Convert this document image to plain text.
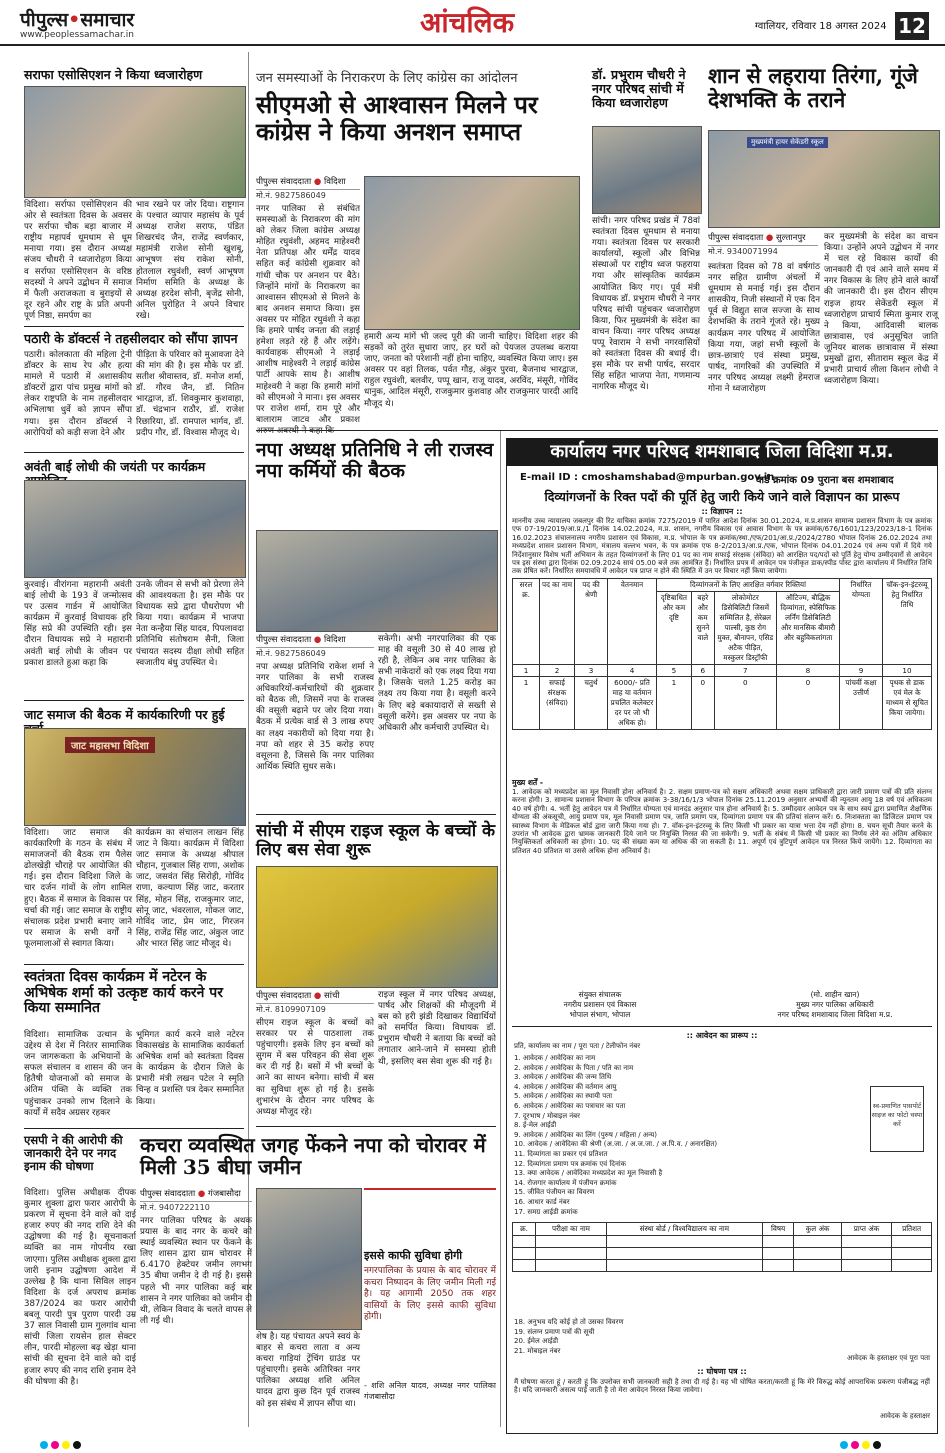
पीपुल्स•समाचार
www.peoplessamachar.in	आंचलिक	ग्वालियर, रविवार 18 अगस्त 2024 12
सराफा एसोसिएशन ने किया ध्वजारोहण
विदिशा। सर्राफा एसोसिएशन की ओर से स्वतंत्रता दिवस के अवसर पर सर्राफा चौक बड़ा बाजार में राष्ट्रीय महापर्व धूमधाम से धूम मनाया गया। इस दौरान अध्यक्ष संजय चौधरी ने ध्वजारोहण किया व सर्राफा एसोसिएशन के वरिष्ठ सदस्यों ने अपने उद्बोधन में समाज में फैली अराजकता व बुराइयों से दूर रहने और राष्ट्र के प्रति अपनी पूर्ण निष्ठा, समर्पण का
भाव रखने पर जोर दिया। राष्ट्रगान के पश्चात व्यापार महासंघ के पूर्व अध्यक्ष राजेश सराफ, पंडित शिखरचंद जैन, राजेंद्र स्वर्णकार, महामंत्री राजेश सोनी खुशबू, आभूषण संघ राकेश सोनी, होतलाल रघुवंशी, स्वर्ण आभूषण निर्माण समिति के अध्यक्ष के अध्यक्ष हरदेश सोनी, बृजेंद्र सोनी, अनिल पुरोहित ने अपने विचार रखे।
पठारी के डॉक्टर्स ने तहसीलदार को सौंपा ज्ञापन
पठारी। कोलकाता की महिला ट्रेनी डॉक्टर के साथ रेप और हत्या मामले में पठारी में अशासकीय डॉक्टरों द्वारा पांच प्रमुख मांगों को लेकर राष्ट्रपति के नाम तहसीलदार अभिलाषा धुर्वे को ज्ञापन सौंपा गया। इस दौरान डॉक्टर्स ने आरोपियों को कड़ी सजा देने और
पीड़िता के परिवार को मुआवजा देने की मांग की है। इस मौके पर डॉ. सतीश श्रीवास्तव, डॉ. मनोज शर्मा, डॉ. गौरव जैन, डॉ. नितिन भारद्वाज, डॉ. शिवकुमार कुशवाहा, डॉ. चंद्रभान राठौर, डॉ. राजेश रिछारिया, डॉ. रामपाल भार्गव, डॉ. प्रदीप गौर, डॉ. विश्वास मौजूद थे।
अवंती बाई लोधी की जयंती पर कार्यक्रम
कुरवाई। वीरांगना महारानी अवंती बाई लोधी के 193 वें जन्मोत्सव पर उत्सव गार्डन में आयोजित कार्यक्रम में कुरवाई विधायक हरि सिंह सप्रे की उपस्थिति रही। इस दौरान विधायक सप्रे ने महारानी अवंती बाई लोधी के जीवन पर प्रकाश डालते हुआ कहा कि
उनके जीवन से सभी को प्रेरणा लेने की आवश्यकता है। इस मौके पर विधायक सप्रे द्वारा पौधरोपण भी किया गया। कार्यक्रम में भाजपा नेता कन्हैया सिंह यादव, पिपलावदा प्रतिनिधि संतोषराम सैनी, जिला पंचायत सदस्य दीक्षा लोधी सहित स्वजातीय बंधु उपस्थित थे।
जाट समाज की बैठक में कार्यकारिणी पर हुई
जाट महासभा विदिशा
विदिशा। जाट समाज की कार्यकारिणी के गठन के संबंध में समाजजनों की बैठक राम पैलेस ढोलखेड़ी चौराहे पर आयोजित की गई। इस दौरान विदिशा जिले के चार दर्जन गांवों के लोग शामिल हुए। बैठक में समाज के विकास पर चर्चा की गई। जाट समाज के राष्ट्रीय संचालक प्रदेश प्रभारी बनाए जाने पर समाज के सभी वर्गों ने फूलमालाओं से स्वागत किया।
कार्यक्रम का संचालन लाखन सिंह जाट ने किया। कार्यक्रम में विदिशा जाट समाज के अध्यक्ष श्रीपाल चौहान, गुजबाल सिंह राणा, अशोक जाट, जसवंत सिंह सिरोही, गोविंद राणा, कल्याण सिंह जाट, करतार सिंह, मोहन सिंह, राजकुमार जाट, सोनू जाट, भंवरलाल, गोकल जाट, गोविंद जाट, प्रेम जाट, गिरजन सिंह, राजेंद्र सिंह जाट, अंकुल जाट और भारत सिंह जाट मौजूद थे।
स्वतंत्रता दिवस कार्यक्रम में नटेरन के अभिषेक शर्मा को उत्कृष्ट कार्य करने पर किया सम्मानित
विदिशा। सामाजिक उत्थान के उद्देश्य से देश में निरंतर सामाजिक जन जागरूकता के अभियानों के सफल संचालन व शासन की जन हितैषी योजनाओं को समाज के अंतिम पंक्ति के व्यक्ति तक पहुंचाकर उनको लाभ दिलाने के कार्यों में सदैव अग्रसर रहकर
भूमिगत कार्य करने वाले नटेरन विकासखंड के सामाजिक कार्यकर्ता अभिषेक शर्मा को स्वतंत्रता दिवस के कार्यक्रम के दौरान जिले के प्रभारी मंत्री लखन पटेल ने स्मृति चिन्ह व प्रशस्ति पत्र देकर सम्मानित किया।
एसपी ने की आरोपी की जानकारी देने पर नगद इनाम की घोषणा
विदिशा। पुलिस अधीक्षक दीपक कुमार शुक्ला द्वारा फरार आरोपी के प्रकरण में सूचना देने वाले को दाई हजार रुपए की नगद राशि देने की उद्घोषणा की गई है। सूचनाकर्ता व्यक्ति का नाम गोपनीय रखा जाएगा। पुलिस अधीक्षक शुक्ला द्वारा जारी इनाम उद्घोषणा आदेश में उल्लेख है कि थाना सिविल लाइन विदिशा के दर्ज अपराध क्रमांक 387/2024 का फरार आरोपी बबलू पारदी पुत्र पुराण पारदी उम्र 37 साल निवासी ग्राम गुलगांव थाना सांची जिला रायसेन हाल सेक्टर लीन, पारदी मोहल्ला बढ़ खेड़ा थाना सांची की सूचना देने वाले को दाई हजार रुपए की नगद राशि इनाम देने की घोषणा की है।
जन समस्याओं के निराकरण के लिए कांग्रेस का आंदोलन
सीएमओ से आश्वासन मिलने पर कांग्रेस ने किया अनशन समाप्त
पीपुल्स संवाददाता ● विदिशा
मो.नं. 9827586049
नगर पालिका से संबंधित समस्याओं के निराकरण की मांग को लेकर जिला कांग्रेस अध्यक्ष मोहित रघुवंशी, अहमद माहेश्वरी नेता प्रतिपक्ष और धर्मेंद्र यादव सहित कई कांग्रेसी शुक्रवार को गांधी चौक पर अनशन पर बैठे। जिन्होंने मांगों के निराकरण का आश्वासन सीएमओ से मिलने के बाद अनशन समाप्त किया। इस अवसर पर मोहित रघुवंशी ने कहा कि हमारे पार्षद जनता की लड़ाई हमेशा लड़ते रहे हैं और लड़ेंगे। कार्यवाहक सीएमओ ने लड़ाई आशीष माहेश्वरी ने लड़ाई कांग्रेस पार्टी आपके साथ है। आशीष माहेश्वरी ने कहा कि हमारी मांगों को सीएमओ ने माना। इस अवसर पर राजेश शर्मा, राम पूरे और बालाराम जाटव और प्रकाश
हमारी अन्य मांगें भी जल्द पूरी की जानी चाहिए। विदिशा शहर की सड़कों को तुरंत सुधारा जाए, हर घरों को पेयजल उपलब्ध कराया जाए, जनता को परेशानी नहीं होना चाहिए, व्यवस्थित किया जाए। इस अवसर पर वहां तिलक, पर्वत गौड़, अंकुर पुरवा, बैजनाथ भारद्वाज, राहुल रघुवंशी, बलवीर, पप्पू खान, राजू यादव, अरविंद, मंसूरी, गोविंद धानुक, आदिल मंसूरी, राजकुमार कुशवाह और राजकुमार पारदी आदि मौजूद थे।
डॉ. प्रभुराम चौधरी ने नगर परिषद सांची में किया ध्वजारोहण
सांची। नगर परिषद प्रखंड में 78वां स्वतंत्रता दिवस धूमधाम से मनाया गया। स्वतंत्रता दिवस पर सरकारी कार्यालयों, स्कूलों और विभिन्न संस्थाओं पर राष्ट्रीय ध्वज फहराया गया और सांस्कृतिक कार्यक्रम आयोजित किए गए। पूर्व मंत्री विधायक डॉ. प्रभुराम चौधरी ने नगर परिषद सांची पहुंचकर ध्वजारोहण किया, फिर मुख्यमंत्री के संदेश का वाचन किया। नगर परिषद अध्यक्ष पप्पू रेवाराम ने सभी नगरवासियों को स्वतंत्रता दिवस की बधाई दी। इस मौके पर सभी पार्षद, सरदार सिंह सहित भाजपा नेता, गणमान्य नागरिक मौजूद थे।
शान से लहराया तिरंगा, गूंजे देशभक्ति के तराने
मुख्यमंत्री हायर सेकेंडरी स्कूल
पीपुल्स संवाददाता ● सुल्तानपुर
मो.नं. 9340071994
स्वतंत्रता दिवस को 78 वां वर्षगांठ नगर सहित ग्रामीण अंचलों में धूमधाम से मनाई गई। इस दौरान शासकीय, निजी संस्थानों में एक दिन पूर्व से विद्युत साज सज्जा के साथ देशभक्ति के तराने गूंजते रहे। मुख्य कार्यक्रम नगर परिषद में आयोजित किया गया, जहां सभी स्कूलों के छात्र-छात्राएं एवं संस्था प्रमुख, पार्षद, नागरिकों की उपस्थिति में नगर परिषद अध्यक्ष लक्ष्मी हेमराज गोना ने ध्वजारोहण
कर मुख्यमंत्री के संदेश का वाचन किया। उन्होंने अपने उद्बोधन में नगर में चल रहे विकास कार्यों की जानकारी दी एवं आने वाले समय में नगर विकास के लिए होने वाले कार्यों की जानकारी दी। इस दौरान सीएम राइज हायर सेकेंडरी स्कूल में ध्वजारोहण प्राचार्य स्मिता कुमार राजू ने किया, आदिवासी बालक छात्रावास, एवं अनुसूचित जाति जूनियर बालक छात्रावास में संस्था प्रमुखों द्वारा, सीताराम स्कूल केंद्र में प्रभारी प्राचार्य लीला किशन लोधी ने ध्वजारोहण किया।
नपा अध्यक्ष प्रतिनिधि ने ली राजस्व नपा कर्मियों की बैठक
पीपुल्स संवाददाता ● विदिशा
मो.नं. 9827586049
नपा अध्यक्ष प्रतिनिधि राकेश शर्मा ने नगर पालिका के सभी राजस्व अधिकारियों-कर्मचारियों की शुक्रवार को बैठक ली, जिसमें नपा के राजस्व की वसूली बढ़ाने पर जोर दिया गया। बैठक में प्रत्येक वार्ड से 3 लाख रुपए का लक्ष्य नकारीयों को दिया गया है। नपा को शहर से 35 करोड़ रुपए वसूलना है, जिससे कि नगर पालिका आर्थिक स्थिति सुधर सके।
सकेगी। अभी नगरपालिका की एक माह की वसूली 30 से 40 लाख हो रही है, लेकिन अब नगर पालिका के सभी नाकेदारों को एक लक्ष्य दिया गया है। जिसके चलते 1.25 करोड़ का लक्ष्य तय किया गया है। वसूली करने के लिए बड़े बकायादारों से सख्ती से वसूली करेंगे। इस अवसर पर नपा के अधिकारी और कर्मचारी उपस्थित थे।
सांची में सीएम राइज स्कूल के बच्चों के लिए बस सेवा शुरू
पीपुल्स संवाददाता ● सांची
मो.नं. 8109907109
सीएम राइज स्कूल के बच्चों को सरकार पर से पाठशाला तक पहुंचाएगी। इसके लिए इन बच्चों को सुगम में बस परिवहन की सेवा शुरू कर दी गई है। बसों में भी बच्चों के आने का साधन बनेगा। सांची में बस का सुविधा शुरू हो गई है। इसके शुभारंभ के दौरान नगर परिषद के अध्यक्ष मौजूद रहे।
राइज स्कूल में नगर परिषद अध्यक्ष, पार्षद और शिक्षकों की मौजूदगी में बस को हरी झंडी दिखाकर विद्यार्थियों को समर्पित किया। विधायक डॉ. प्रभुराम चौधरी ने बताया कि बच्चों को लगातार आने-जाने में समस्या होती थी, इसलिए बस सेवा शुरू की गई है।
कचरा व्यवस्थित जगह फेंकने नपा को चोरावर में मिली 35 बीघा जमीन
पीपुल्स संवाददाता ● गंजबासौदा
मो.नं. 9407222110
नगर पालिका परिषद के अथक प्रयास के बाद नगर के कचरे को स्थाई व्यवस्थित स्थान पर फेंकने के लिए शासन द्वारा ग्राम चोरावर में 6.4170 हेक्टेयर जमीन लगभग 35 बीघा जमीन दे दी गई है। इससे पहले भी नगर पालिका कई बार शासन ने नगर पालिका को जमीन दी थी, लेकिन विवाद के चलते वापस ले ली गई थी।
शेष है। यह पंचायत अपने स्वयं के बाहर से कचरा लाता व अन्य कचरा गाड़ियां ट्रेंचिंग ग्राउंड पर पहुंचाएगी। इसके अतिरिक्त नगर पालिका अध्यक्ष शशि अनिल यादव द्वारा कुछ दिन पूर्व राजस्व को इस संबंध में ज्ञापन सौंपा था।
इससे काफी सुविधा होगी
नगरपालिका के प्रयास के बाद चोरावर में कचरा निष्पादन के लिए जमीन मिली गई है। यह आगामी 2050 तक शहर वासियों के लिए इससे काफी सुविधा होगी।
- शशि अनिल यादव, अध्यक्ष नगर पालिका गंजबासौदा
कार्यालय नगर परिषद शमशाबाद जिला विदिशा म.प्र.
E-mail ID : cmoshamshabad@mpurban.gov.in
वार्ड क्रमांक 09 पुराना बस शमशाबाद
दिव्यांगजनों के रिक्त पदों की पूर्ति हेतु जारी किये जाने वाले विज्ञापन का प्रारूप
:: विज्ञापन ::
माननीय उच्च न्यायालय जबलपुर की रिट याचिका क्रमांक 7275/2019 में पारित आदेश दिनांक 30.01.2024, म.प्र.शासन सामान्य प्रशासन विभाग के पत्र क्रमांक एफ 07-19/2019/आ.प्र./1 दिनांक 14.02.2024, म.प्र. शासन, नगरीय विकास एवं आवास विभाग के पत्र क्रमांक/676/1601/123/2023/18-1 दिनांक 16.02.2023 संचालनालय नगरीय प्रशासन एवं विकास, म.प्र. भोपाल के पत्र क्रमांक/स्था./एफ/201/आ.प्र./2024/2780 भोपाल दिनांक 26.02.2024 तथा मध्यप्रदेश शासन प्रशासन विभाग, मंत्रालय वल्लभ भवन, के पत्र क्रमांक एफ 8-2/2013/आ.प्र./एक, भोपाल दिनांक 04.01.2024 एवं अन्य पत्रों में दिये गये निर्देशानुसार विशेष भर्ती अभियान के तहत दिव्यांगजनों के लिए 01 पद का नाम सफाई संरक्षक (संविदा) को आरक्षित पद/पदों को पूर्ति हेतु योग्य उम्मीदवारों से आवेदन पत्र इस संस्था द्वारा दिनांक 02.09.2024 सायं 05.00 बजे तक आमंत्रित हैं। निर्धारित प्रपत्र में आवेदन पत्र पंजीकृत डाक/स्पीड पोस्ट द्वारा कार्यालय में निर्धारित तिथि तक प्रेषित करें। निर्धारित समयावधि में आवेदन पत्र प्राप्त न होने की स्थिति में उन पर विचार नहीं किया जायेगा।
सरल क्र.	पद का नाम	पद की श्रेणी	वेतनमान	दिव्यांगजनों के लिए आरक्षित वर्गवार रिक्तियां				निर्धारित योग्यता	चॉक-इन-इंटरव्यू हेतु निर्धारित तिथि
				दृष्टिबाधित और कम दृष्टि	बहरे और कम सुनने वाले	लोकोमोटर डिसेबिलिटी जिसमें सम्मिलित है, सेरेब्रल पाल्सी, कुष्ठ रोग मुक्त, बौनापन, एसिड अटैक पीड़ित, मस्कुलर डिस्ट्रॉफी	ऑटिज्म, बौद्धिक दिव्यांगता, स्पेसिफिक लर्निंग डिसेबिलिटी और मानसिक बीमारी और बहुविकलांगता		
1	2	3	4	5	6	7	8	9	10
1	सफाई संरक्षक (संविदा)	चतुर्थ	6000/- प्रति माह या वर्तमान प्रचलित कलेक्टर दर पर जो भी अधिक हो।	1	0	0	0	पांचवीं कक्षा उत्तीर्ण	पृथक से डाक एवं मेल के माध्यम से सूचित किया जायेगा।
मुख्य शर्तें -
1. आवेदक को मध्यप्रदेश का मूल निवासी होना अनिवार्य है। 2. सक्षम प्रमाण-पत्र को सक्षम अधिकारी अथवा सक्षम प्राधिकारी द्वारा जारी प्रमाण पत्रों की प्रति संलग्न करना होगी। 3. सामान्य प्रशासन विभाग के परिपत्र क्रमांक 3-38/16/1/3 भोपाल दिनांक 25.11.2019 अनुसार अभ्यर्थी की न्यूनतम आयु 18 वर्ष एवं अधिकतम 40 वर्ष होगी। 4. भर्ती हेतु आवेदन पत्र में निर्धारित योग्यता एवं मानदंड अनुसार पात्र होना अनिवार्य है। 5. उम्मीदवार आवेदन पत्र के साथ स्वयं द्वारा प्रमाणित शैक्षणिक योग्यता की अंकसूची, आयु प्रमाण पत्र, मूल निवासी प्रमाण पत्र, जाति प्रमाण पत्र, दिव्यांगता प्रमाण पत्र की प्रतियां संलग्न करें। 6. निःशक्तता का डिजिटल प्रमाण पत्र स्वास्थ्य विभाग के मेडिकल बोर्ड द्वारा जारी किया गया हो। 7. वॉक-इन-इंटरव्यू के लिए किसी भी प्रकार का यात्रा भत्ता देय नहीं होगा। 8. चयन सूची तैयार करने के उपरांत भी आवेदक द्वारा भ्रामक जानकारी दिये जाने पर नियुक्ति निरस्त की जा सकेगी। 9. भर्ती के संबंध में किसी भी प्रकार का निर्णय लेने का अंतिम अधिकार नियुक्तिकर्ता अधिकारी का होगा। 10. पद की संख्या कम या अधिक की जा सकती है। 11. अपूर्ण एवं त्रुटिपूर्ण आवेदन पत्र निरस्त किये जायेंगे। 12. दिव्यांगता का प्रतिशत 40 प्रतिशत या उससे अधिक होना अनिवार्य है।
संयुक्त संचालक
नगरीय प्रशासन एवं विकास
भोपाल संभाग, भोपाल
(मो. शाहीन खान)
मुख्य नगर पालिका अधिकारी
नगर परिषद शमशाबाद जिला विदिशा म.प्र.
:: आवेदन का प्रारूप ::
प्रति, कार्यालय का नाम / पूरा पता / टेलीफोन नंबर
1. आवेदक / आवेदिका का नाम
2. आवेदक / आवेदिका के पिता / पति का नाम
3. आवेदक / आवेदिका की जन्म तिथि
4. आवेदक / आवेदिका की वर्तमान आयु
5. आवेदक / आवेदिका का स्थायी पता
6. आवेदक / आवेदिका का पत्राचार का पता
7. दूरभाष / मोबाइल नंबर
8. ई-मेल आईडी
9. आवेदक / आवेदिका का लिंग (पुरुष / महिला / अन्य)
10. आवेदक / आवेदिका की श्रेणी (अ.जा. / अ.ज.जा. / अ.पि.व. / अनारक्षित)
11. दिव्यांगता का प्रकार एवं प्रतिशत
12. दिव्यांगता प्रमाण पत्र क्रमांक एवं दिनांक
13. क्या आवेदक / आवेदिका मध्यप्रदेश का मूल निवासी है
14. रोजगार कार्यालय में पंजीयन क्रमांक
15. जीवित पंजीयन का विवरण
16. आधार कार्ड नंबर
17. समग्र आईडी क्रमांक
स्व-प्रमाणित पासपोर्ट साइज का फोटो चस्पा करें
क्र.	परीक्षा का नाम	संस्था बोर्ड / विश्वविद्यालय का नाम	विषय	कुल अंक	प्राप्त अंक	प्रतिशत

18. अनुभव यदि कोई हो तो उसका विवरण
19. संलग्न प्रमाण पत्रों की सूची
20. ईमेल आईडी
21. मोबाइल नंबर
आवेदक के हस्ताक्षर एवं पूरा पता
:: घोषणा पत्र ::
मैं घोषणा करता हूं / करती हूं कि उपरोक्त सभी जानकारी सही है तथा दी गई है। यह भी घोषित करता/करती हूं कि मेरे विरुद्ध कोई आपराधिक प्रकरण पंजीबद्ध नहीं है। यदि जानकारी असत्य पाई जाती है तो मेरा आवेदन निरस्त किया जावेगा।
आवेदक के हस्ताक्षर
